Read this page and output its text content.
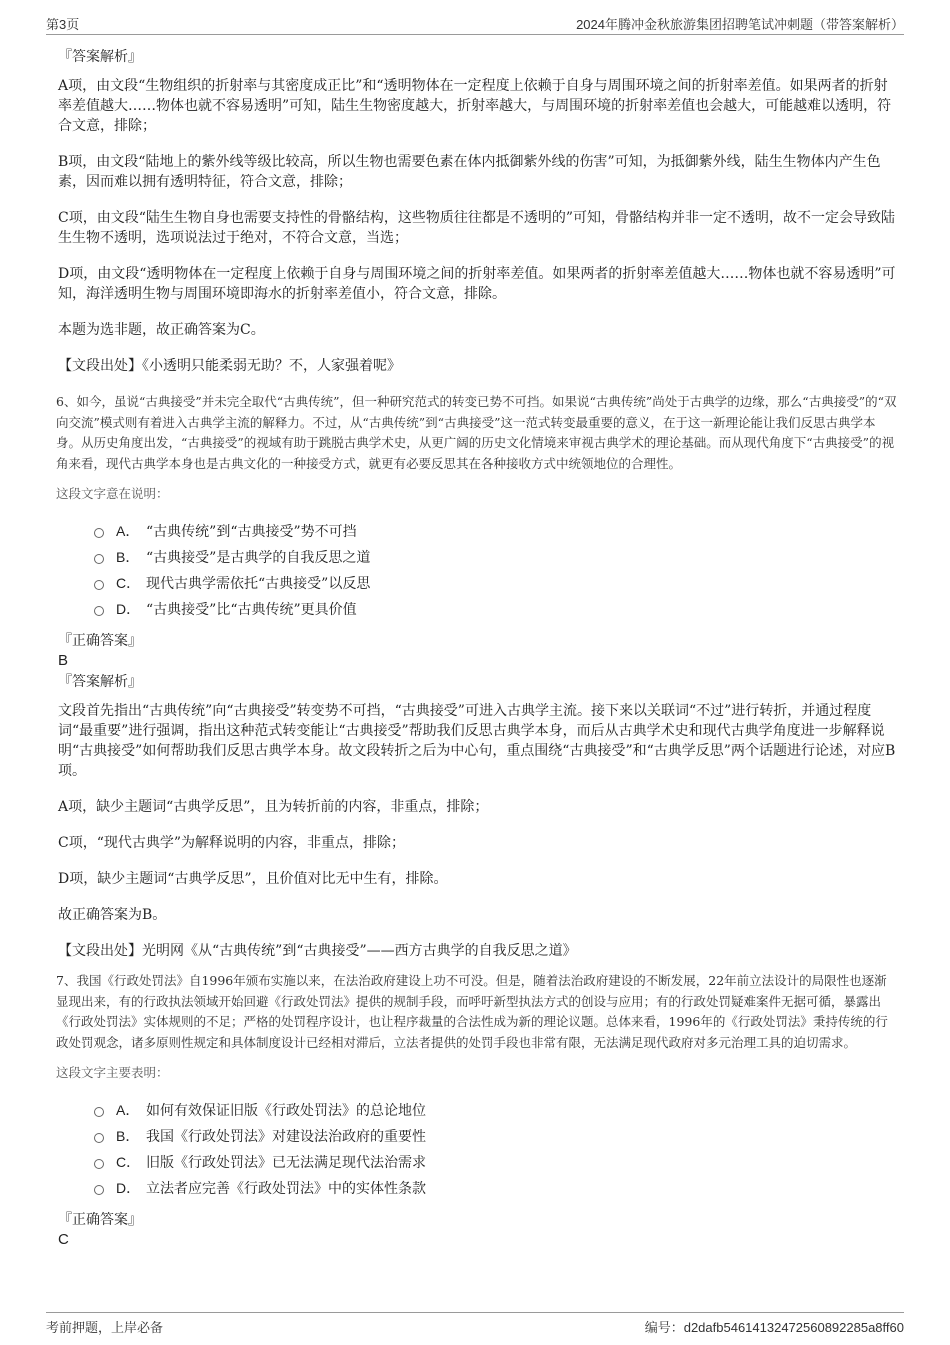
第3页	2024年腾冲金秋旅游集团招聘笔试冲刺题（带答案解析）
『答案解析』

A项，由文段“生物组织的折射率与其密度成正比”和“透明物体在一定程度上依赖于自身与周围环境之间的折射率差值。如果两者的折射率差值越大……物体也就不容易透明”可知，陆生生物密度越大，折射率越大，与周围环境的折射率差值也会越大，可能越难以透明，符合文意，排除；

B项，由文段“陆地上的紫外线等级比较高，所以生物也需要色素在体内抵御紫外线的伤害”可知，为抵御紫外线，陆生生物体内产生色素，因而难以拥有透明特征，符合文意，排除；

C项，由文段“陆生生物自身也需要支持性的骨骼结构，这些物质往往都是不透明的”可知，骨骼结构并非一定不透明，故不一定会导致陆生生物不透明，选项说法过于绝对，不符合文意，当选；

D项，由文段“透明物体在一定程度上依赖于自身与周围环境之间的折射率差值。如果两者的折射率差值越大……物体也就不容易透明”可知，海洋透明生物与周围环境即海水的折射率差值小，符合文意，排除。

本题为选非题，故正确答案为C。

【文段出处】《小透明只能柔弱无助？不，人家强着呢》

6、如今，虽说“古典接受”并未完全取代“古典传统”，但一种研究范式的转变已势不可挡。如果说“古典传统”尚处于古典学的边缘，那么“古典接受”的“双向交流”模式则有着进入古典学主流的解释力。不过，从“古典传统”到“古典接受”这一范式转变最重要的意义，在于这一新理论能让我们反思古典学本身。从历史角度出发，“古典接受”的视域有助于跳脱古典学术史，从更广阔的历史文化情境来审视古典学术的理论基础。而从现代角度下“古典接受”的视角来看，现代古典学本身也是古典文化的一种接受方式，就更有必要反思其在各种接收方式中统领地位的合理性。

这段文字意在说明：

A． “古典传统”到“古典接受”势不可挡
B． “古典接受”是古典学的自我反思之道
C． 现代古典学需依托“古典接受”以反思
D． “古典接受”比“古典传统”更具价值
『正确答案』
B
『答案解析』

文段首先指出“古典传统”向“古典接受”转变势不可挡，“古典接受”可进入古典学主流。接下来以关联词“不过”进行转折，并通过程度词“最重要”进行强调，指出这种范式转变能让“古典接受”帮助我们反思古典学本身，而后从古典学术史和现代古典学角度进一步解释说明“古典接受”如何帮助我们反思古典学本身。故文段转折之后为中心句，重点围绕“古典接受”和“古典学反思”两个话题进行论述，对应B项。

A项，缺少主题词“古典学反思”，且为转折前的内容，非重点，排除；

C项，“现代古典学”为解释说明的内容，非重点，排除；

D项，缺少主题词“古典学反思”，且价值对比无中生有，排除。

故正确答案为B。

【文段出处】光明网《从“古典传统”到“古典接受”——西方古典学的自我反思之道》

7、我国《行政处罚法》自1996年颁布实施以来，在法治政府建设上功不可没。但是，随着法治政府建设的不断发展，22年前立法设计的局限性也逐渐显现出来，有的行政执法领域开始回避《行政处罚法》提供的规制手段，而呼吁新型执法方式的创设与应用；有的行政处罚疑难案件无据可循，暴露出《行政处罚法》实体规则的不足；严格的处罚程序设计，也让程序裁量的合法性成为新的理论议题。总体来看，1996年的《行政处罚法》秉持传统的行政处罚观念，诸多原则性规定和具体制度设计已经相对滞后，立法者提供的处罚手段也非常有限，无法满足现代政府对多元治理工具的迫切需求。

这段文字主要表明：

A． 如何有效保证旧版《行政处罚法》的总论地位
B． 我国《行政处罚法》对建设法治政府的重要性
C． 旧版《行政处罚法》已无法满足现代法治需求
D． 立法者应完善《行政处罚法》中的实体性条款
『正确答案』
C
考前押题，上岸必备	编号：d2dafb5461413247256089228​5a8ff60
